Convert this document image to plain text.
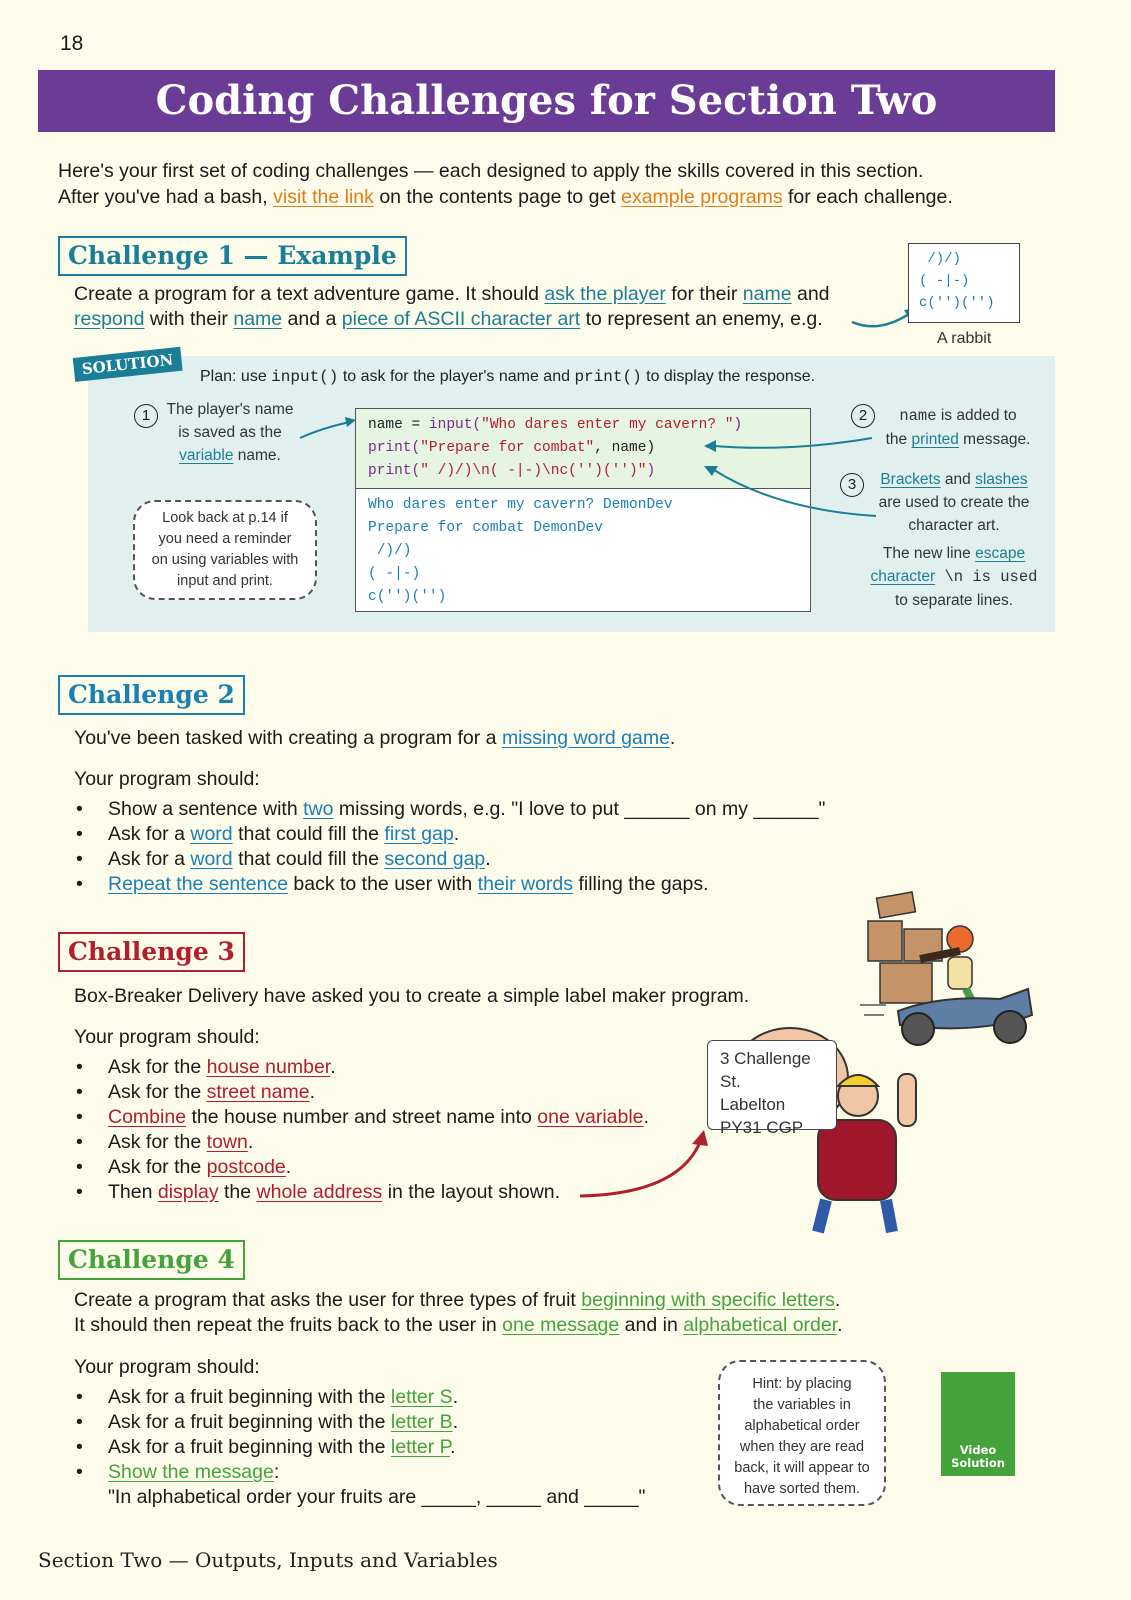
18
Coding Challenges for Section Two
Here's your first set of coding challenges — each designed to apply the skills covered in this section.
After you've had a bash, visit the link on the contents page to get example programs for each challenge.
Challenge 1 — Example
Create a program for a text adventure game. It should ask the player for their name and
respond with their name and a piece of ASCII character art to represent an enemy, e.g.
/)/)
( -|-)
c('')('')
A rabbit
SOLUTION	Plan: use input() to ask for the player's name and print() to display the response.
name = input("Who dares enter my cavern? ")
print("Prepare for combat", name)
print(" /)/)\n( -|-)\nc('')('')")
Who dares enter my cavern? DemonDev
Prepare for combat DemonDev
/)/)
( -|-)
c('')('')
1	The player's name
is saved as the
variable name.
2	name is added to
the printed message.
3	Brackets and slashes
are used to create the
character art.
The new line escape
character \n is used
to separate lines.
Look back at p.14 if
you need a reminder
on using variables with
input and print.
Challenge 2
You've been tasked with creating a program for a missing word game.
Your program should:
• Show a sentence with two missing words, e.g. "I love to put ______ on my ______"
• Ask for a word that could fill the first gap.
• Ask for a word that could fill the second gap.
• Repeat the sentence back to the user with their words filling the gaps.
Challenge 3
Box-Breaker Delivery have asked you to create a simple label maker program.
Your program should:
• Ask for the house number.
• Ask for the street name.
• Combine the house number and street name into one variable.
• Ask for the town.
• Ask for the postcode.
• Then display the whole address in the layout shown.
3 Challenge St.
Labelton
PY31 CGP
Challenge 4
Create a program that asks the user for three types of fruit beginning with specific letters.
It should then repeat the fruits back to the user in one message and in alphabetical order.
Your program should:
• Ask for a fruit beginning with the letter S.
• Ask for a fruit beginning with the letter B.
• Ask for a fruit beginning with the letter P.
• Show the message:
"In alphabetical order your fruits are _____, _____ and _____"
Hint: by placing
the variables in
alphabetical order
when they are read
back, it will appear to
have sorted them.
Video
Solution
Section Two — Outputs, Inputs and Variables
